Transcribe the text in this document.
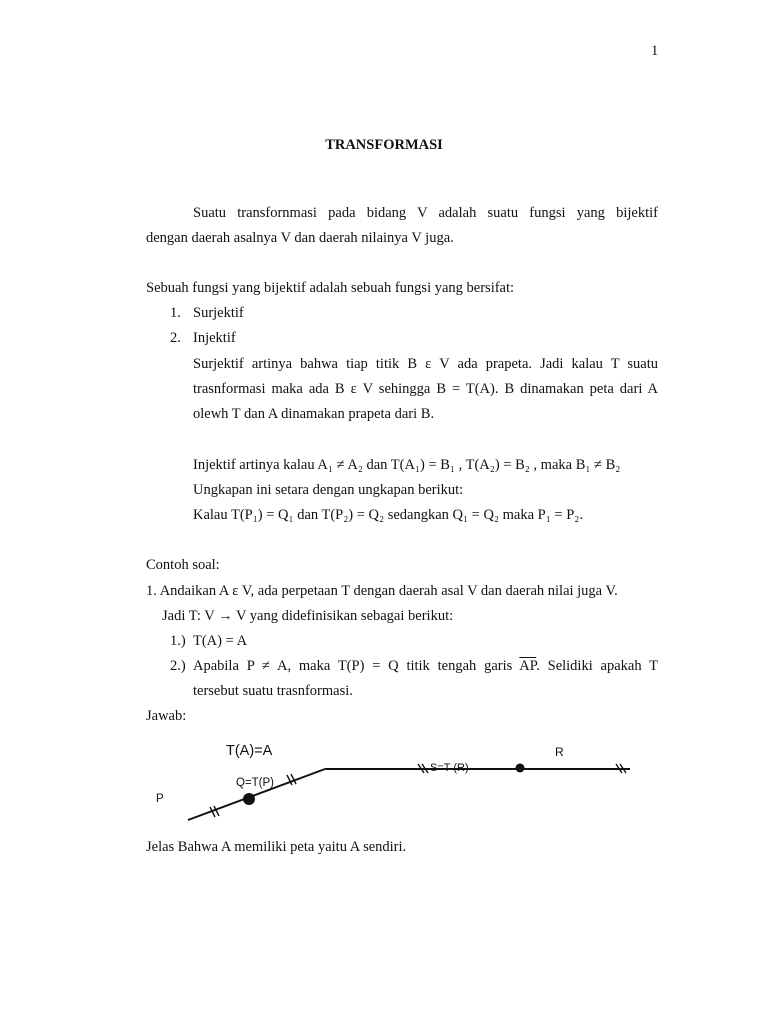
1
TRANSFORMASI
Suatu transfornmasi pada bidang V adalah suatu fungsi yang bijektif
dengan daerah asalnya V dan daerah nilainya V juga.
Sebuah fungsi yang bijektif adalah sebuah fungsi yang bersifat:
1. Surjektif
2. Injektif
Surjektif artinya bahwa tiap titik B ε V ada prapeta. Jadi kalau T suatu
trasnformasi maka ada B ε V sehingga B = T(A). B dinamakan peta dari A
olewh T dan A dinamakan prapeta dari B.
Injektif artinya kalau A₁ ≠ A₂ dan T(A₁) = B₁ , T(A₂) = B₂ , maka B₁ ≠ B₂
Ungkapan ini setara dengan ungkapan berikut:
Kalau T(P₁) = Q₁ dan T(P₂) = Q₂ sedangkan Q₁ = Q₂ maka P₁ = P₂.
Contoh soal:
1. Andaikan A ε V, ada perpetaan T dengan daerah asal V dan daerah nilai juga V.
Jadi T: V → V yang didefinisikan sebagai berikut:
1.) T(A) = A
2.) Apabila P ≠ A, maka T(P) = Q titik tengah garis $\overline{AP}$. Selidiki apakah T
tersebut suatu trasnformasi.
Jawab:
T(A)=A	R
S=T (R)
Q=T(P)
P
Jelas Bahwa A memiliki peta yaitu A sendiri.
